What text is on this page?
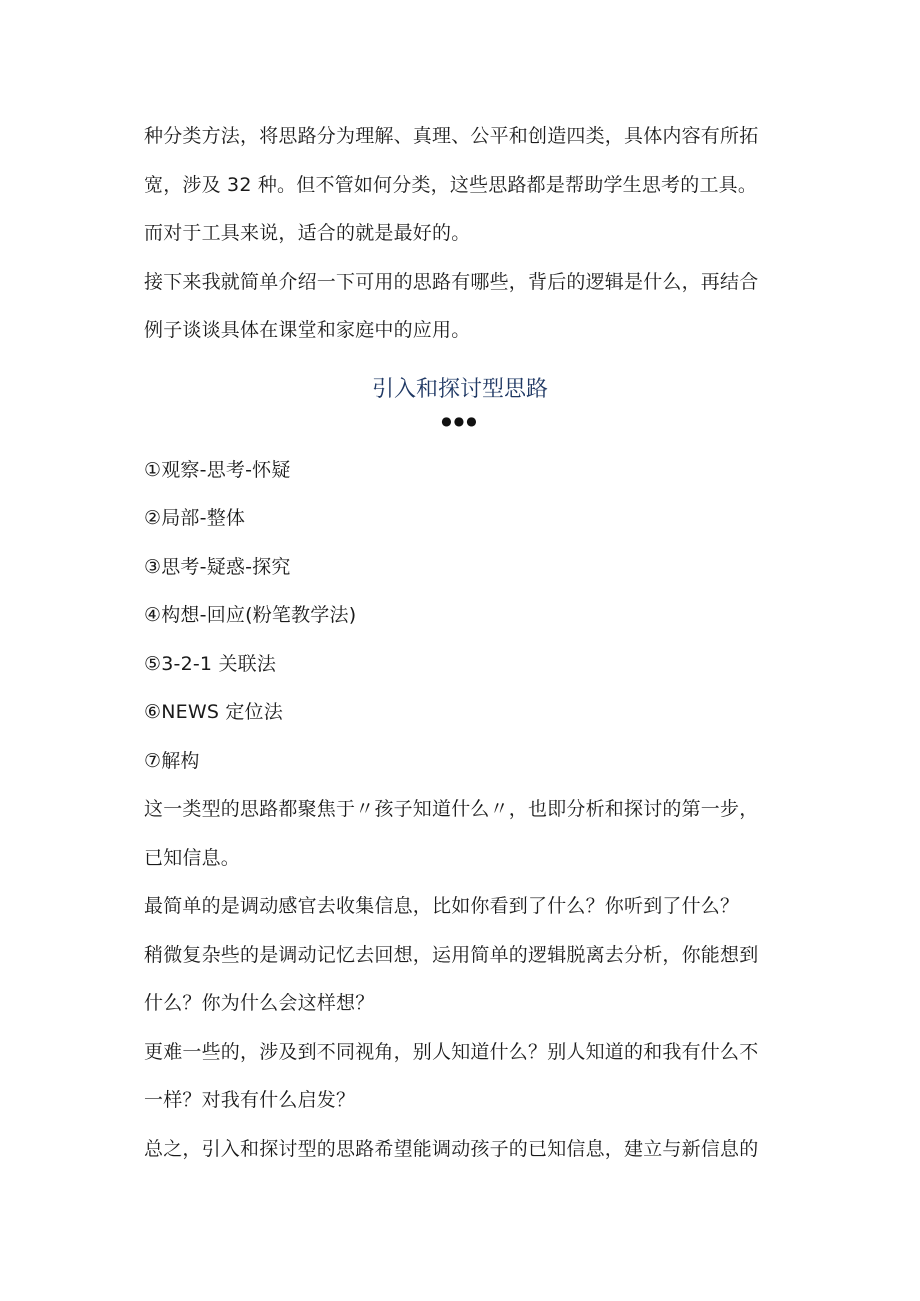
种分类方法，将思路分为理解、真理、公平和创造四类，具体内容有所拓
宽，涉及 32 种。但不管如何分类，这些思路都是帮助学生思考的工具。
而对于工具来说，适合的就是最好的。
接下来我就简单介绍一下可用的思路有哪些，背后的逻辑是什么，再结合
例子谈谈具体在课堂和家庭中的应用。
引入和探讨型思路
●●●
①观察-思考-怀疑
②局部-整体
③思考-疑惑-探究
④构想-回应(粉笔教学法)
⑤3-2-1 关联法
⑥NEWS 定位法
⑦解构
这一类型的思路都聚焦于〃孩子知道什么〃，也即分析和探讨的第一步，
已知信息。
最简单的是调动感官去收集信息，比如你看到了什么？你听到了什么？
稍微复杂些的是调动记忆去回想，运用简单的逻辑脱离去分析，你能想到
什么？你为什么会这样想？
更难一些的，涉及到不同视角，别人知道什么？别人知道的和我有什么不
一样？对我有什么启发？
总之，引入和探讨型的思路希望能调动孩子的已知信息，建立与新信息的
